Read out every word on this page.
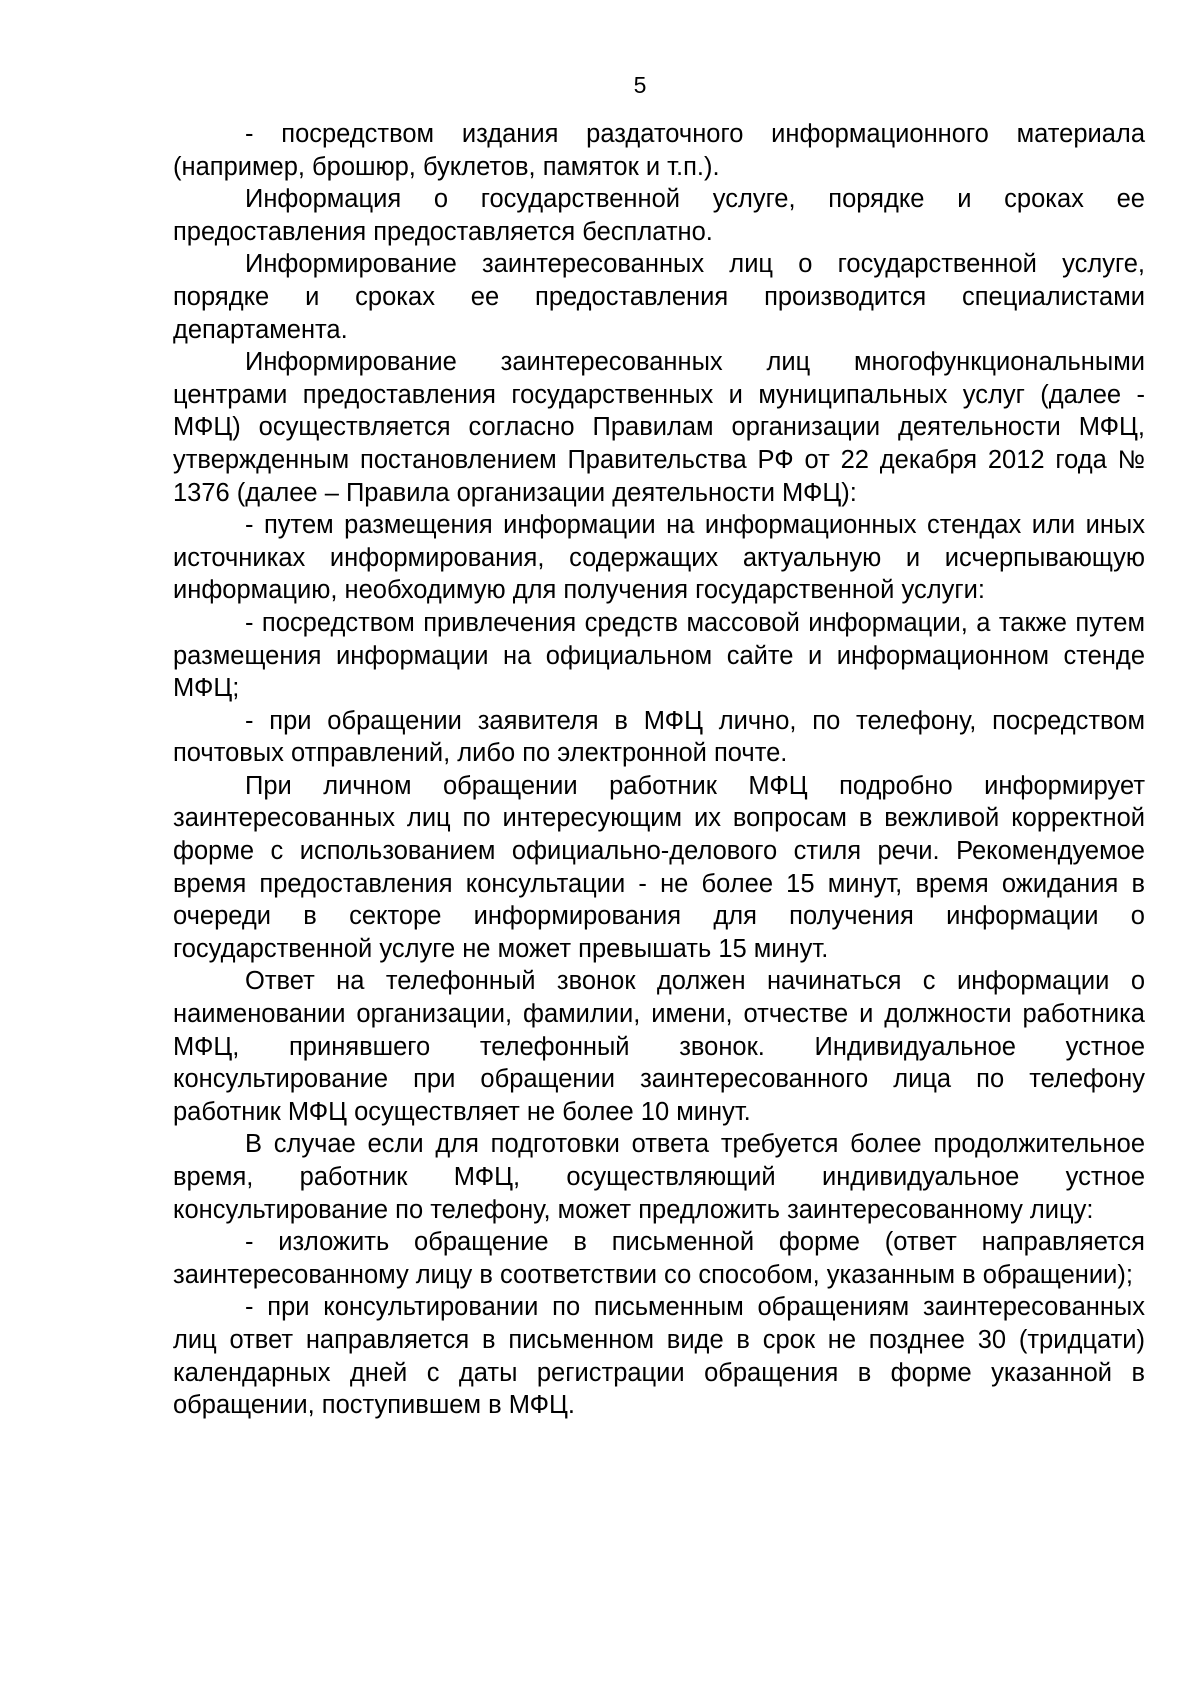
5

- посредством издания раздаточного информационного материала (например, брошюр, буклетов, памяток и т.п.).

Информация о государственной услуге, порядке и сроках ее предоставления предоставляется бесплатно.

Информирование заинтересованных лиц о государственной услуге, порядке и сроках ее предоставления производится специалистами департамента.

Информирование заинтересованных лиц многофункциональными центрами предоставления государственных и муниципальных услуг (далее - МФЦ) осуществляется согласно Правилам организации деятельности МФЦ, утвержденным постановлением Правительства РФ от 22 декабря 2012 года № 1376 (далее – Правила организации деятельности МФЦ):

- путем размещения информации на информационных стендах или иных источниках информирования, содержащих актуальную и исчерпывающую информацию, необходимую для получения государственной услуги:

- посредством привлечения средств массовой информации, а также путем размещения информации на официальном сайте и информационном стенде МФЦ;

- при обращении заявителя в МФЦ лично, по телефону, посредством почтовых отправлений, либо по электронной почте.

При личном обращении работник МФЦ подробно информирует заинтересованных лиц по интересующим их вопросам в вежливой корректной форме с использованием официально-делового стиля речи. Рекомендуемое время предоставления консультации - не более 15 минут, время ожидания в очереди в секторе информирования для получения информации о государственной услуге не может превышать 15 минут.

Ответ на телефонный звонок должен начинаться с информации о наименовании организации, фамилии, имени, отчестве и должности работника МФЦ, принявшего телефонный звонок. Индивидуальное устное консультирование при обращении заинтересованного лица по телефону работник МФЦ осуществляет не более 10 минут.

В случае если для подготовки ответа требуется более продолжительное время, работник МФЦ, осуществляющий индивидуальное устное консультирование по телефону, может предложить заинтересованному лицу:

- изложить обращение в письменной форме (ответ направляется заинтересованному лицу в соответствии со способом, указанным в обращении);

- при консультировании по письменным обращениям заинтересованных лиц ответ направляется в письменном виде в срок не позднее 30 (тридцати) календарных дней с даты регистрации обращения в форме указанной в обращении, поступившем в МФЦ.
